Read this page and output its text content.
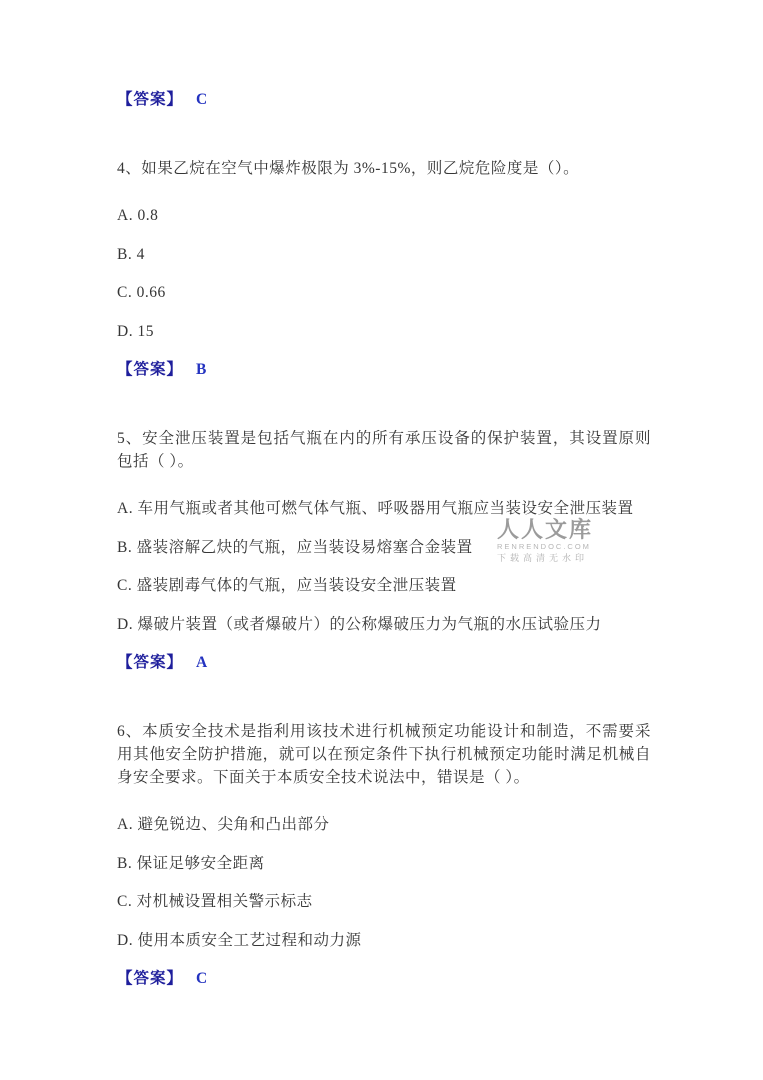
【答案】 C

4、如果乙烷在空气中爆炸极限为 3%-15%，则乙烷危险度是（）。

A. 0.8

B. 4

C. 0.66

D. 15

【答案】 B

5、安全泄压装置是包括气瓶在内的所有承压设备的保护装置，其设置原则包括（ ）。

A. 车用气瓶或者其他可燃气体气瓶、呼吸器用气瓶应当装设安全泄压装置

B. 盛装溶解乙炔的气瓶，应当装设易熔塞合金装置

C. 盛装剧毒气体的气瓶，应当装设安全泄压装置

D. 爆破片装置（或者爆破片）的公称爆破压力为气瓶的水压试验压力

【答案】 A

6、本质安全技术是指利用该技术进行机械预定功能设计和制造，不需要采用其他安全防护措施，就可以在预定条件下执行机械预定功能时满足机械自身安全要求。下面关于本质安全技术说法中，错误是（ ）。

A. 避免锐边、尖角和凸出部分

B. 保证足够安全距离

C. 对机械设置相关警示标志

D. 使用本质安全工艺过程和动力源

【答案】 C

人人文库
RENRENDOC.COM
下载高清无水印
